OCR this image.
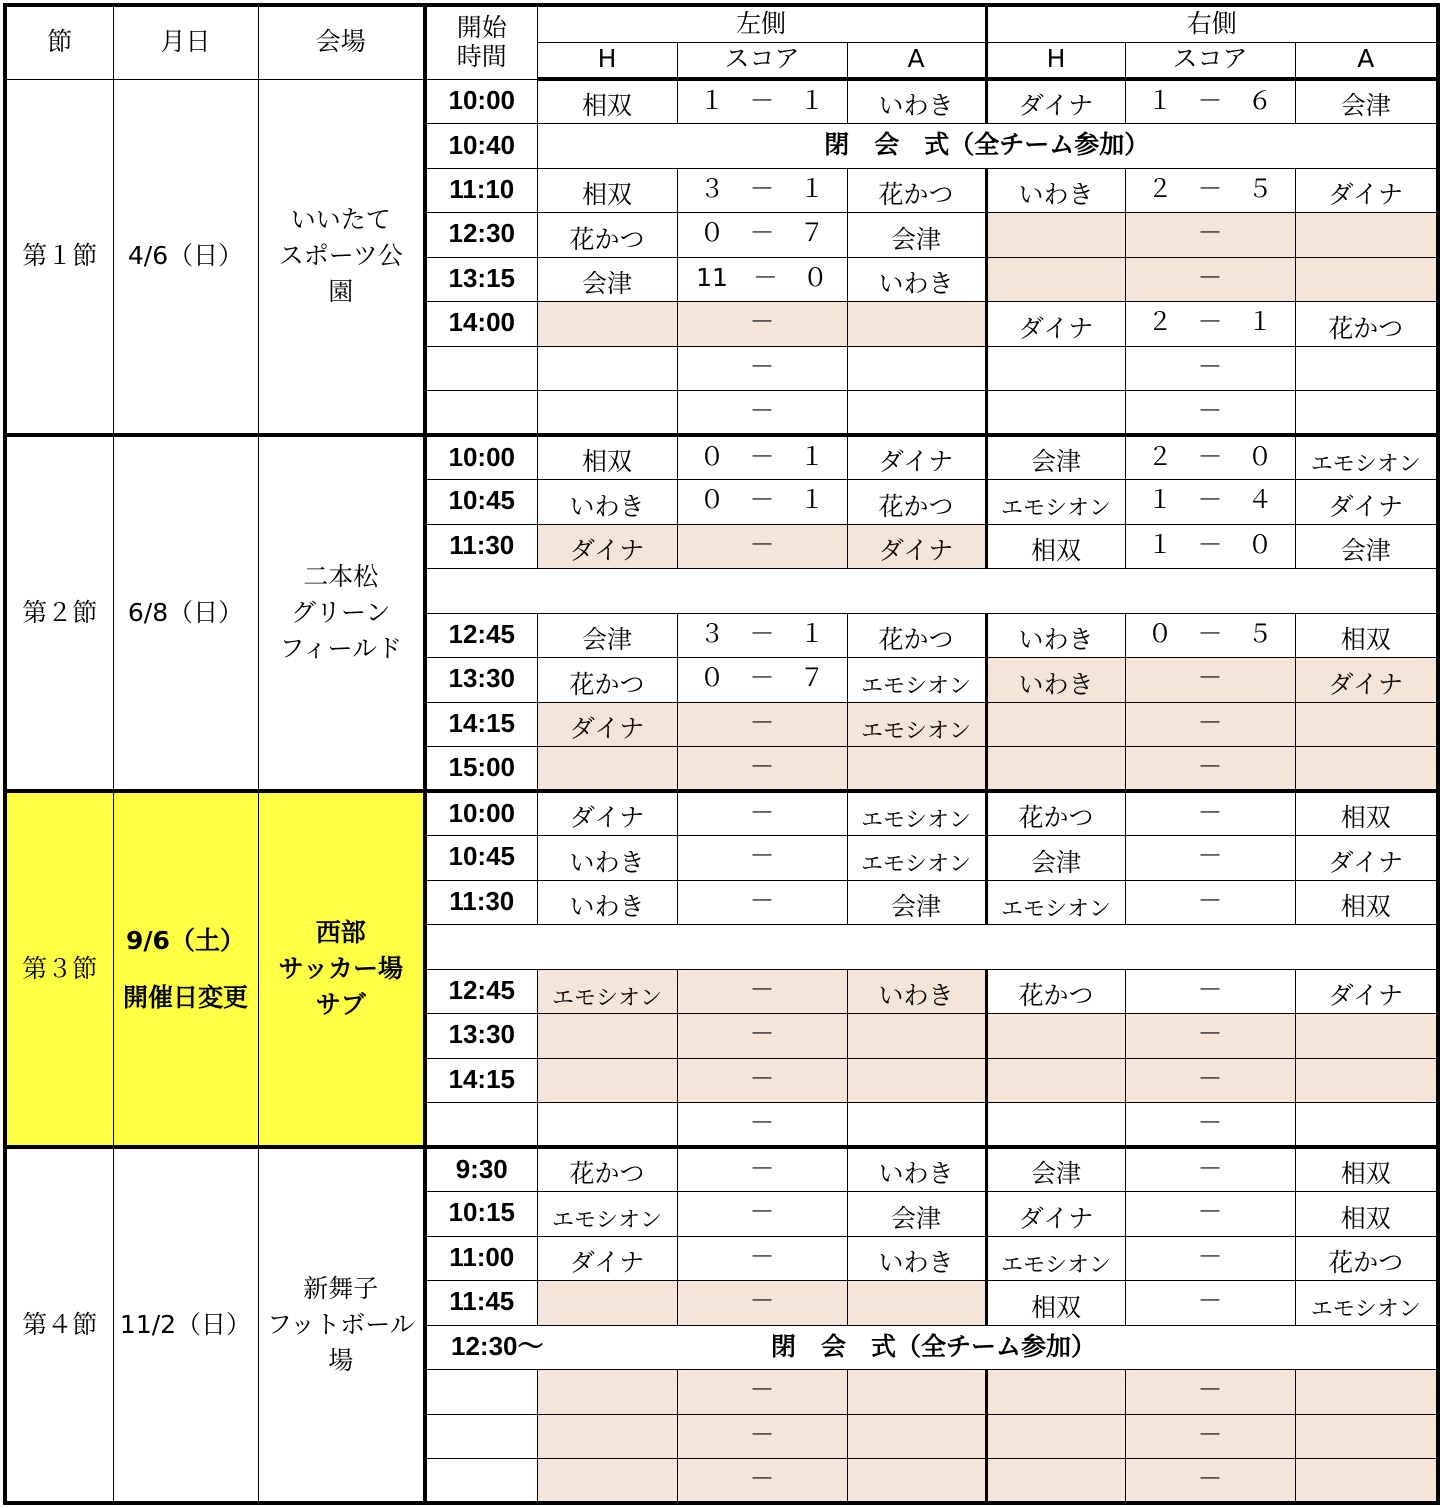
節	月日	会場	開始
時間	左側			右側		
				H	スコア	A	H	スコア	A
第１節	4/6（日）	いいたて
スポーツ公
園	10:00	相双	１　－　１	いわき	ダイナ	１　－　６	会津
			10:40	閉　会　式（全チーム参加）					
			11:10	相双	３　－　１	花かつ	いわき	２　－　５	ダイナ
			12:30	花かつ	０　－　７	会津		－	
			13:15	会津	11　－　０	いわき		－	
			14:00		－		ダイナ	２　－　１	花かつ
					－			－	
					－			－	
第２節	6/8（日）	二本松
グリーン
フィールド	10:00	相双	０　－　１	ダイナ	会津	２　－　０	エモシオン
			10:45	いわき	０　－　１	花かつ	エモシオン	１　－　４	ダイナ
			11:30	ダイナ	－	ダイナ	相双	１　－　０	会津

			12:45	会津	３　－　１	花かつ	いわき	０　－　５	相双
			13:30	花かつ	０　－　７	エモシオン	いわき	－	ダイナ
			14:15	ダイナ	－	エモシオン		－	
			15:00		－			－	
第３節	9/6（土）
開催日変更	西部
サッカー場
サブ	10:00	ダイナ	－	エモシオン	花かつ	－	相双
			10:45	いわき	－	エモシオン	会津	－	ダイナ
			11:30	いわき	－	会津	エモシオン	－	相双

			12:45	エモシオン	－	いわき	花かつ	－	ダイナ
			13:30		－			－	
			14:15		－			－	
					－			－	
第４節	11/2（日）	新舞子
フットボール
場	9:30	花かつ	－	いわき	会津	－	相双
			10:15	エモシオン	－	会津	ダイナ	－	相双
			11:00	ダイナ	－	いわき	エモシオン	－	花かつ
			11:45		－		相双	－	エモシオン
			12:30～ 閉　会　式（全チーム参加）						
					－			－	
					－			－	
					－			－	
